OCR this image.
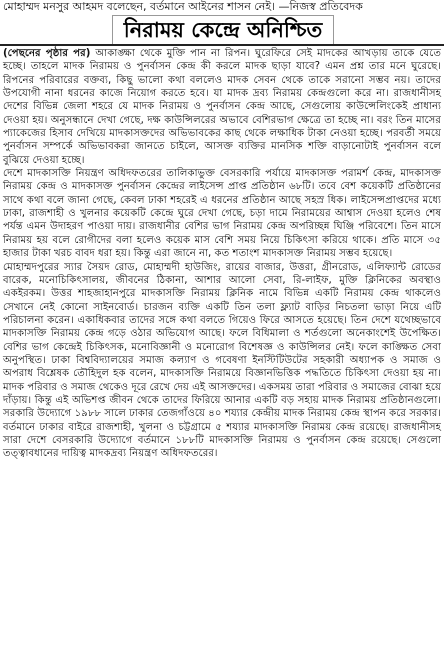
মোহাম্মদ মনসুর আহমদ বলেছেন, বর্তমানে আইনের শাসন নেই। —নিজস্ব প্রতিবেদক
নিরাময় কেন্দ্রে অনিশ্চিত

(পেছনের পৃষ্ঠার পর) আকাঙ্ক্ষা থেকে মুক্তি পান না রিপন। ঘুরেফিরে সেই মাদকের আখড়ায় তাকে যেতে হচ্ছে। তাহলে মাদক নিরাময় ও পুনর্বাসন কেন্দ্র কী করলে মাদক ছাড়া যাবে? এমন প্রশ্ন তার মনে ঘুরেছে। রিপনের পরিবারের বক্তব্য, কিছু ভালো কথা বললেও মাদক সেবন থেকে তাকে সরানো সম্ভব নয়। তাদের উপযোগী নানা ধরনের কাজে নিয়োগ করতে হবে। যা মাদক দ্রব্য নিরাময় কেন্দ্রগুলো করে না। রাজধানীসহ দেশের বিভিন্ন জেলা শহরে যে মাদক নিরাময় ও পুনর্বাসন কেন্দ্র আছে, সেগুলোয় কাউন্সেলিংকেই প্রাধান্য দেওয়া হয়। অনুসন্ধানে দেখা গেছে, দক্ষ কাউন্সিলরের অভাবে বেশিরভাগ ক্ষেত্রে তা হচ্ছে না। বরং তিন মাসের প্যাকেজের হিসাব দেখিয়ে মাদকাসক্তদের অভিভাবকের কাছ থেকে লক্ষাধিক টাকা নেওয়া হচ্ছে। পরবর্তী সময়ে পুনর্বাসন সম্পর্কে অভিভাবকরা জানতে চাইলে, আসক্ত ব্যক্তির মানসিক শক্তি বাড়ানোটাই পুনর্বাসন বলে বুঝিয়ে দেওয়া হচ্ছে।

দেশে মাদকাসক্তি নিয়ন্ত্রণ অধিদফতরের তালিকাভুক্ত বেসরকারি পর্যায়ে মাদকাসক্ত পরামর্শ কেন্দ্র, মাদকাসক্ত নিরাময় কেন্দ্র ও মাদকাসক্ত পুনর্বাসন কেন্দ্রের লাইসেন্স প্রাপ্ত প্রতিষ্ঠান ৬৮টি। তবে বেশ কয়েকটি প্রতিষ্ঠানের সাথে কথা বলে জানা গেছে, কেবল ঢাকা শহরেই এ ধরনের প্রতিষ্ঠান আছে সহস্র ধিক। লাইসেন্সপ্রাপ্তদের মধ্যে ঢাকা, রাজশাহী ও খুলনার কয়েকটি কেন্দ্রে ঘুরে দেখা গেছে, চড়া দামে নিরাময়ের আশ্বাস দেওয়া হলেও শেষ পর্যন্ত এমন উদাহরণ পাওয়া দায়। রাজধানীর বেশির ভাগ নিরাময় কেন্দ্র অপরিচ্ছন্ন ঘিঞ্জি পরিবেশে। তিন মাসে নিরাময় হয় বলে রোগীদের বলা হলেও কয়েক মাস বেশি সময় নিয়ে চিকিৎসা করিয়ে থাকে। প্রতি মাসে ৩৫ হাজার টাকা খরচ বাবদ ধরা হয়। কিন্তু এরা জানে না, কত শতাংশ মাদকাসক্ত নিরাময় সম্ভব হয়েছে।

মোহাম্মদপুরের স্যার সৈয়দ রোড, মোহাম্মদী হাউজিং, রায়ের বাজার, উত্তরা, গ্রীনরোড, এলিফ্যান্ট রোডের বারেক, মনোচিকিৎসালয়, জীবনের ঠিকানা, আশার আলো সেবা, রি-লাইফ, মুক্তি ক্লিনিকের অবস্থাও একইরকম। উত্তর শাহজাহানপুরে মাদকাসক্তি নিরাময় ক্লিনিক নামে বিভিন্ন একটি নিরাময় কেন্দ্র থাকলেও সেখানে নেই কোনো সাইনবোর্ড। চারজন ব্যক্তি একটি তিন তলা ফ্ল্যাট বাড়ির নিচতলা ভাড়া নিয়ে এটি পরিচালনা করেন। একাধিকবার তাদের সঙ্গে কথা বলতে গিয়েও ফিরে আসতে হয়েছে। তিন দেশে যথেচ্ছভাবে মাদকাসক্তি নিরাময় কেন্দ্র গড়ে ওঠার অভিযোগ আছে। ফলে বিধিমালা ও শর্তগুলো অনেকাংশেই উপেক্ষিত। বেশির ভাগ কেন্দ্রেই চিকিৎসক, মনোবিজ্ঞানী ও মনোরোগ বিশেষজ্ঞ ও কাউন্সিলর নেই। ফলে কাঙ্ক্ষিত সেবা অনুপস্থিত। ঢাকা বিশ্ববিদ্যালয়ের সমাজ কল্যাণ ও গবেষণা ইনস্টিটিউটের সহকারী অধ্যাপক ও সমাজ ও অপরাধ বিশ্লেষক তৌহিদুল হক বলেন, মাদকাসক্তি নিরাময়ে বিজ্ঞানভিত্তিক পদ্ধতিতে চিকিৎসা দেওয়া হয় না। মাদক পরিবার ও সমাজ থেকেও দূরে রেখে দেয় এই আসক্তদের। একসময় তারা পরিবার ও সমাজের বোঝা হয়ে দাঁড়ায়। কিন্তু এই অভিশপ্ত জীবন থেকে তাদের ফিরিয়ে আনার একটি বড় সহায় মাদক নিরাময় প্রতিষ্ঠানগুলো। সরকারি উদ্যোগে ১৯৮৮ সালে ঢাকার তেজগাঁওয়ে ৪০ শয্যার কেন্দ্রীয় মাদক নিরাময় কেন্দ্র স্থাপন করে সরকার। বর্তমানে ঢাকার বাইরে রাজশাহী, খুলনা ও চট্টগ্রামে ৫ শয্যার মাদকাসক্তি নিরাময় কেন্দ্র রয়েছে। রাজধানীসহ সারা দেশে বেসরকারি উদ্যোগে বর্তমানে ১৮৮টি মাদকাসক্তি নিরাময় ও পুনর্বাসন কেন্দ্র রয়েছে। সেগুলো তত্ত্বাবধানের দায়িত্ব মাদকদ্রব্য নিয়ন্ত্রণ অধিদফতরের।
